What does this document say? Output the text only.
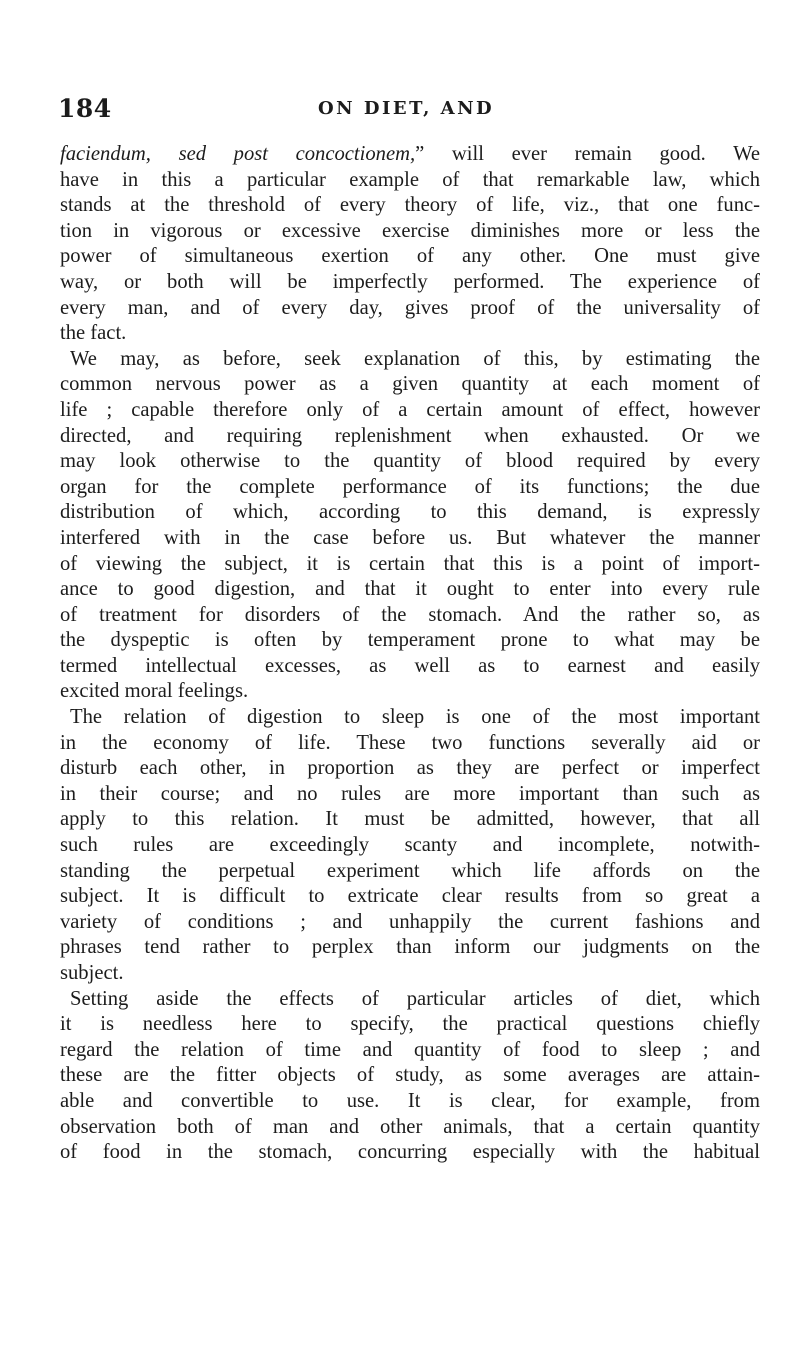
184	ON DIET, AND
faciendum, sed post concoctionem,” will ever remain good. We
have in this a particular example of that remarkable law, which
stands at the threshold of every theory of life, viz., that one func-
tion in vigorous or excessive exercise diminishes more or less the
power of simultaneous exertion of any other. One must give
way, or both will be imperfectly performed. The experience of
every man, and of every day, gives proof of the universality of
the fact.
We may, as before, seek explanation of this, by estimating the
common nervous power as a given quantity at each moment of
life ; capable therefore only of a certain amount of effect, however
directed, and requiring replenishment when exhausted. Or we
may look otherwise to the quantity of blood required by every
organ for the complete performance of its functions; the due
distribution of which, according to this demand, is expressly
interfered with in the case before us. But whatever the manner
of viewing the subject, it is certain that this is a point of import-
ance to good digestion, and that it ought to enter into every rule
of treatment for disorders of the stomach. And the rather so, as
the dyspeptic is often by temperament prone to what may be
termed intellectual excesses, as well as to earnest and easily
excited moral feelings.
The relation of digestion to sleep is one of the most important
in the economy of life. These two functions severally aid or
disturb each other, in proportion as they are perfect or imperfect
in their course; and no rules are more important than such as
apply to this relation. It must be admitted, however, that all
such rules are exceedingly scanty and incomplete, notwith-
standing the perpetual experiment which life affords on the
subject. It is difficult to extricate clear results from so great a
variety of conditions ; and unhappily the current fashions and
phrases tend rather to perplex than inform our judgments on the
subject.
Setting aside the effects of particular articles of diet, which
it is needless here to specify, the practical questions chiefly
regard the relation of time and quantity of food to sleep ; and
these are the fitter objects of study, as some averages are attain-
able and convertible to use. It is clear, for example, from
observation both of man and other animals, that a certain quantity
of food in the stomach, concurring especially with the habitual
